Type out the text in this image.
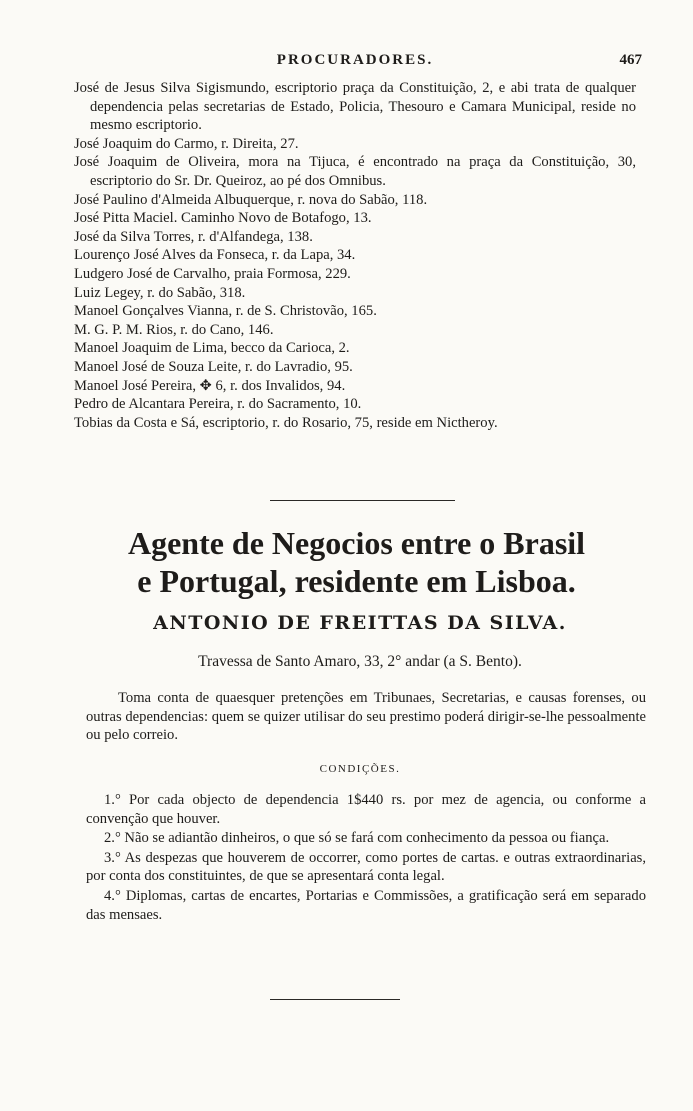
PROCURADORES.	467
José de Jesus Silva Sigismundo, escriptorio praça da Constituição, 2, e abi trata de qualquer dependencia pelas secretarias de Estado, Policia, Thesouro e Camara Municipal, reside no mesmo escriptorio.
José Joaquim do Carmo, r. Direita, 27.
José Joaquim de Oliveira, mora na Tijuca, é encontrado na praça da Constituição, 30, escriptorio do Sr. Dr. Queiroz, ao pé dos Omnibus.
José Paulino d'Almeida Albuquerque, r. nova do Sabão, 118.
José Pitta Maciel. Caminho Novo de Botafogo, 13.
José da Silva Torres, r. d'Alfandega, 138.
Lourenço José Alves da Fonseca, r. da Lapa, 34.
Ludgero José de Carvalho, praia Formosa, 229.
Luiz Legey, r. do Sabão, 318.
Manoel Gonçalves Vianna, r. de S. Christovão, 165.
M. G. P. M. Rios, r. do Cano, 146.
Manoel Joaquim de Lima, becco da Carioca, 2.
Manoel José de Souza Leite, r. do Lavradio, 95.
Manoel José Pereira, ✥ 6, r. dos Invalidos, 94.
Pedro de Alcantara Pereira, r. do Sacramento, 10.
Tobias da Costa e Sá, escriptorio, r. do Rosario, 75, reside em Nictheroy.
Agente de Negocios entre o Brasil
e Portugal, residente em Lisboa.
ANTONIO DE FREITTAS DA SILVA.
Travessa de Santo Amaro, 33, 2° andar (a S. Bento).
Toma conta de quaesquer pretenções em Tribunaes, Secretarias, e causas forenses, ou outras dependencias: quem se quizer utilisar do seu prestimo poderá dirigir-se-lhe pessoalmente ou pelo correio.
CONDIÇÕES.
1.° Por cada objecto de dependencia 1$440 rs. por mez de agencia, ou conforme a convenção que houver.
2.° Não se adiantão dinheiros, o que só se fará com conhecimento da pessoa ou fiança.
3.° As despezas que houverem de occorrer, como portes de cartas. e outras extraordinarias, por conta dos constituintes, de que se apresentará conta legal.
4.° Diplomas, cartas de encartes, Portarias e Commissões, a gratificação será em separado das mensaes.
